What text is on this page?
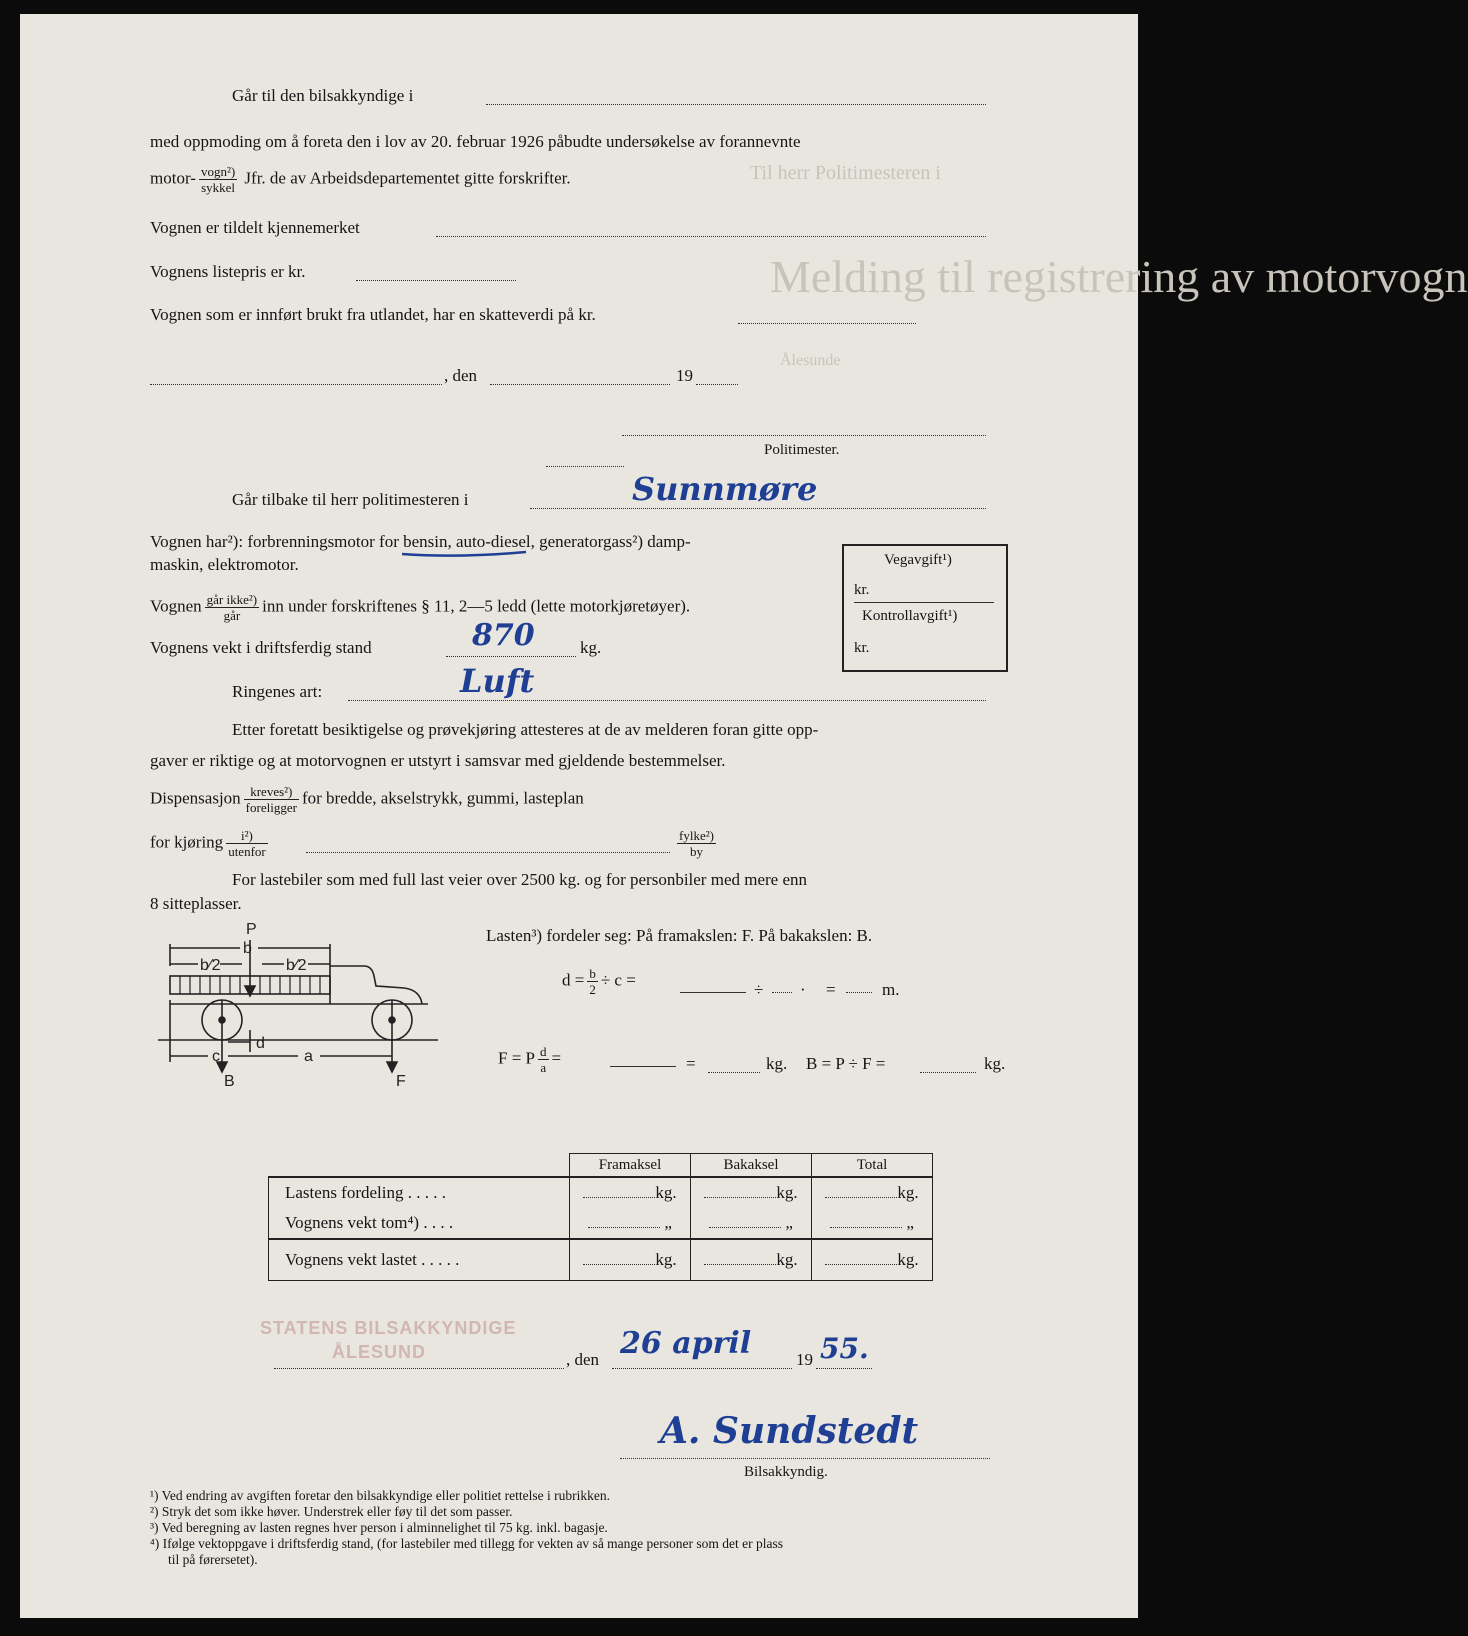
Melding til registrering av motorvogn
Til herr Politimesteren i
Ålesunde
Går til den bilsakkyndige i
med oppmoding om å foreta den i lov av 20. februar 1926 påbudte undersøkelse av forannevnte
motor- $\frac{\text{vogn²)}}{\text{sykkel}}$ Jfr. de av Arbeidsdepartementet gitte forskrifter.
Vognen er tildelt kjennemerket
Vognens listepris er kr.
Vognen som er innført brukt fra utlandet, har en skatteverdi på kr.
, den	19
Politimester.
Går tilbake til herr politimesteren i	Sunnmøre
Vognen har²): forbrenningsmotor for bensin, auto-diesel, generatorgass²) damp-
maskin, elektromotor.
Vognen $\frac{\text{går ikke²)}}{\text{går}}$ inn under forskriftenes § 11, 2—5 ledd (lette motorkjøretøyer).
Vognens vekt i driftsferdig stand	870	kg.
Ringenes art:	Luft
Etter foretatt besiktigelse og prøvekjøring attesteres at de av melderen foran gitte opp-
gaver er riktige og at motorvognen er utstyrt i samsvar med gjeldende bestemmelser.
Dispensasjon $\frac{\text{kreves²)}}{\text{foreligger}}$ for bredde, akselstrykk, gummi, lasteplan
for kjøring $\frac{\text{i²)}}{\text{utenfor}}$	$\frac{\text{fylke²)}}{by}$
For lastebiler som med full last veier over 2500 kg. og for personbiler med mere enn
8 sitteplasser.
Vegavgift¹)
kr.
Kontrollavgift¹)
kr.
P
b
b⁄2	b⁄2
d
c	a
B	F
Lasten³) fordeler seg: På framakslen: F. På bakakslen: B.
$d = \frac{b}{2} \div c$ =
÷ · =	m.
F = P $\frac{d}{a}$ =	=	kg. B = P ÷ F =	kg.
	Framaksel	Bakaksel	Total
Lastens fordeling . . . . .	kg.	kg.	kg.
Vognens vekt tom⁴) . . . .	„	„	„
Vognens vekt lastet . . . . .	kg.	kg.	kg.
STATENS BILSAKKYNDIGE
ÅLESUND	, den 26 april	19 55.
A. Sundstedt
Bilsakkyndig.
¹) Ved endring av avgiften foretar den bilsakkyndige eller politiet rettelse i rubrikken.
²) Stryk det som ikke høver. Understrek eller føy til det som passer.
³) Ved beregning av lasten regnes hver person i alminnelighet til 75 kg. inkl. bagasje.
⁴) Ifølge vektoppgave i driftsferdig stand, (for lastebiler med tillegg for vekten av så mange personer som det er plass
til på førersetet).
